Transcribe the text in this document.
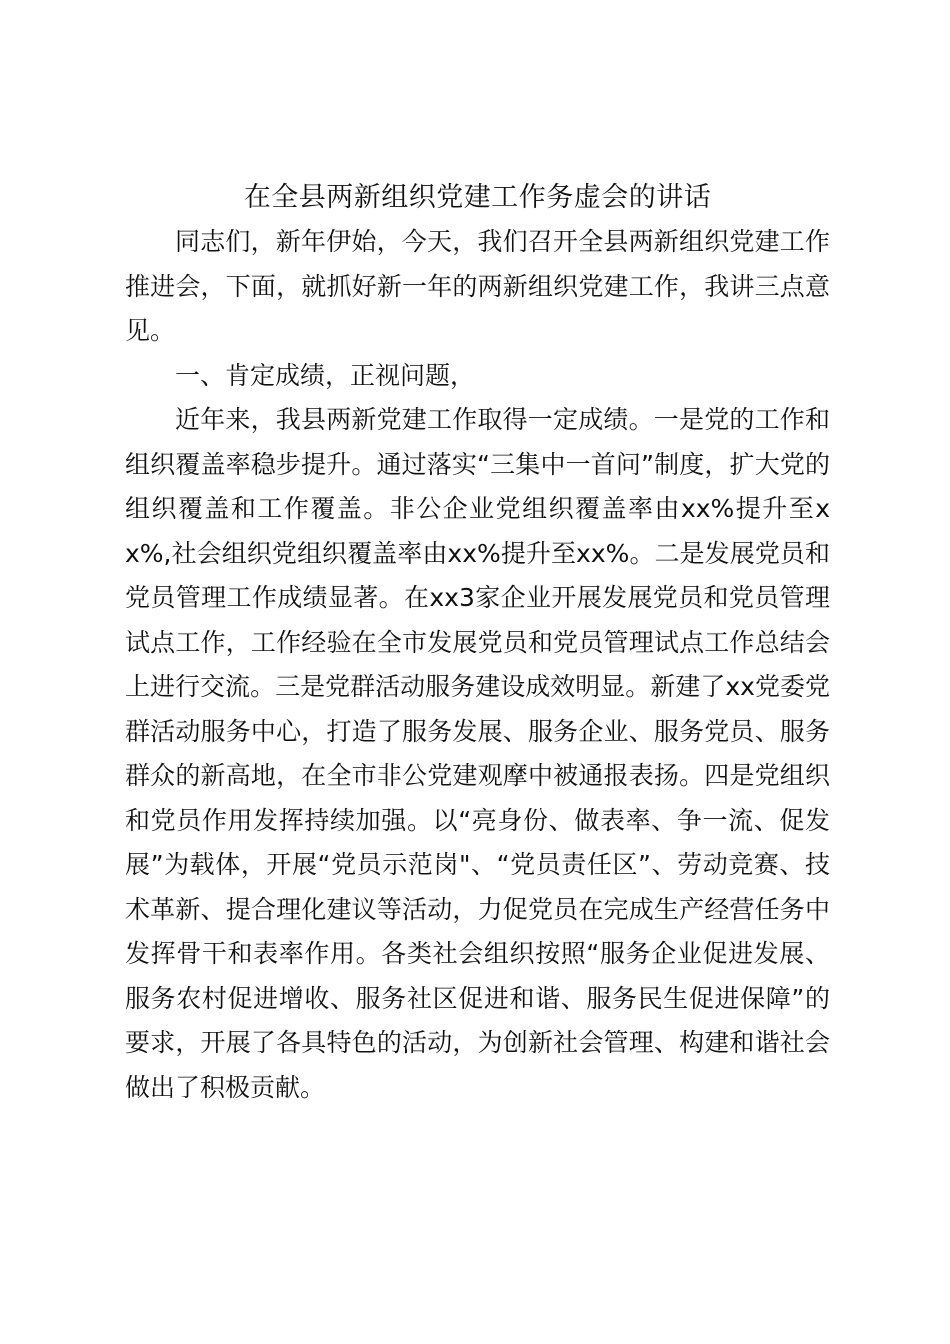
在全县两新组织党建工作务虚会的讲话

同志们，新年伊始，今天，我们召开全县两新组织党建工作推进会，下面，就抓好新一年的两新组织党建工作，我讲三点意见。

一、肯定成绩，正视问题，

近年来，我县两新党建工作取得一定成绩。一是党的工作和组织覆盖率稳步提升。通过落实“三集中一首问”制度，扩大党的组织覆盖和工作覆盖。非公企业党组织覆盖率由xx%提升至xx%,社会组织党组织覆盖率由xx%提升至xx%。二是发展党员和党员管理工作成绩显著。在xx3家企业开展发展党员和党员管理试点工作，工作经验在全市发展党员和党员管理试点工作总结会上进行交流。三是党群活动服务建设成效明显。新建了xx党委党群活动服务中心，打造了服务发展、服务企业、服务党员、服务群众的新高地，在全市非公党建观摩中被通报表扬。四是党组织和党员作用发挥持续加强。以“亮身份、做表率、争一流、促发展”为载体，开展“党员示范岗"、“党员责任区”、劳动竞赛、技术革新、提合理化建议等活动，力促党员在完成生产经营任务中发挥骨干和表率作用。各类社会组织按照“服务企业促进发展、服务农村促进增收、服务社区促进和谐、服务民生促进保障”的要求，开展了各具特色的活动，为创新社会管理、构建和谐社会做出了积极贡献。
